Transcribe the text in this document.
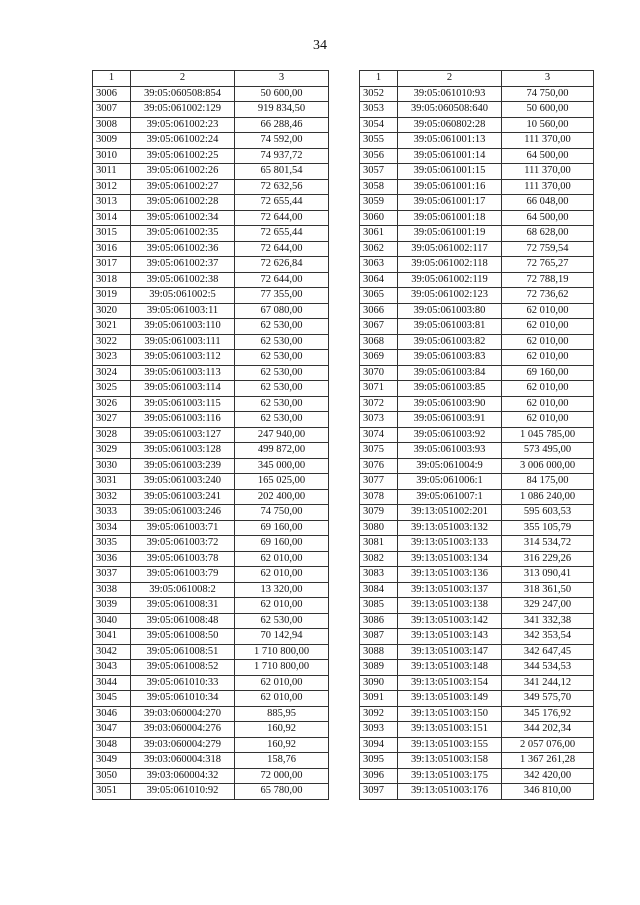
34
1	2	3
3006	39:05:060508:854	50 600,00
3007	39:05:061002:129	919 834,50
3008	39:05:061002:23	66 288,46
3009	39:05:061002:24	74 592,00
3010	39:05:061002:25	74 937,72
3011	39:05:061002:26	65 801,54
3012	39:05:061002:27	72 632,56
3013	39:05:061002:28	72 655,44
3014	39:05:061002:34	72 644,00
3015	39:05:061002:35	72 655,44
3016	39:05:061002:36	72 644,00
3017	39:05:061002:37	72 626,84
3018	39:05:061002:38	72 644,00
3019	39:05:061002:5	77 355,00
3020	39:05:061003:11	67 080,00
3021	39:05:061003:110	62 530,00
3022	39:05:061003:111	62 530,00
3023	39:05:061003:112	62 530,00
3024	39:05:061003:113	62 530,00
3025	39:05:061003:114	62 530,00
3026	39:05:061003:115	62 530,00
3027	39:05:061003:116	62 530,00
3028	39:05:061003:127	247 940,00
3029	39:05:061003:128	499 872,00
3030	39:05:061003:239	345 000,00
3031	39:05:061003:240	165 025,00
3032	39:05:061003:241	202 400,00
3033	39:05:061003:246	74 750,00
3034	39:05:061003:71	69 160,00
3035	39:05:061003:72	69 160,00
3036	39:05:061003:78	62 010,00
3037	39:05:061003:79	62 010,00
3038	39:05:061008:2	13 320,00
3039	39:05:061008:31	62 010,00
3040	39:05:061008:48	62 530,00
3041	39:05:061008:50	70 142,94
3042	39:05:061008:51	1 710 800,00
3043	39:05:061008:52	1 710 800,00
3044	39:05:061010:33	62 010,00
3045	39:05:061010:34	62 010,00
3046	39:03:060004:270	885,95
3047	39:03:060004:276	160,92
3048	39:03:060004:279	160,92
3049	39:03:060004:318	158,76
3050	39:03:060004:32	72 000,00
3051	39:05:061010:92	65 780,00
1	2	3
3052	39:05:061010:93	74 750,00
3053	39:05:060508:640	50 600,00
3054	39:05:060802:28	10 560,00
3055	39:05:061001:13	111 370,00
3056	39:05:061001:14	64 500,00
3057	39:05:061001:15	111 370,00
3058	39:05:061001:16	111 370,00
3059	39:05:061001:17	66 048,00
3060	39:05:061001:18	64 500,00
3061	39:05:061001:19	68 628,00
3062	39:05:061002:117	72 759,54
3063	39:05:061002:118	72 765,27
3064	39:05:061002:119	72 788,19
3065	39:05:061002:123	72 736,62
3066	39:05:061003:80	62 010,00
3067	39:05:061003:81	62 010,00
3068	39:05:061003:82	62 010,00
3069	39:05:061003:83	62 010,00
3070	39:05:061003:84	69 160,00
3071	39:05:061003:85	62 010,00
3072	39:05:061003:90	62 010,00
3073	39:05:061003:91	62 010,00
3074	39:05:061003:92	1 045 785,00
3075	39:05:061003:93	573 495,00
3076	39:05:061004:9	3 006 000,00
3077	39:05:061006:1	84 175,00
3078	39:05:061007:1	1 086 240,00
3079	39:13:051002:201	595 603,53
3080	39:13:051003:132	355 105,79
3081	39:13:051003:133	314 534,72
3082	39:13:051003:134	316 229,26
3083	39:13:051003:136	313 090,41
3084	39:13:051003:137	318 361,50
3085	39:13:051003:138	329 247,00
3086	39:13:051003:142	341 332,38
3087	39:13:051003:143	342 353,54
3088	39:13:051003:147	342 647,45
3089	39:13:051003:148	344 534,53
3090	39:13:051003:154	341 244,12
3091	39:13:051003:149	349 575,70
3092	39:13:051003:150	345 176,92
3093	39:13:051003:151	344 202,34
3094	39:13:051003:155	2 057 076,00
3095	39:13:051003:158	1 367 261,28
3096	39:13:051003:175	342 420,00
3097	39:13:051003:176	346 810,00
